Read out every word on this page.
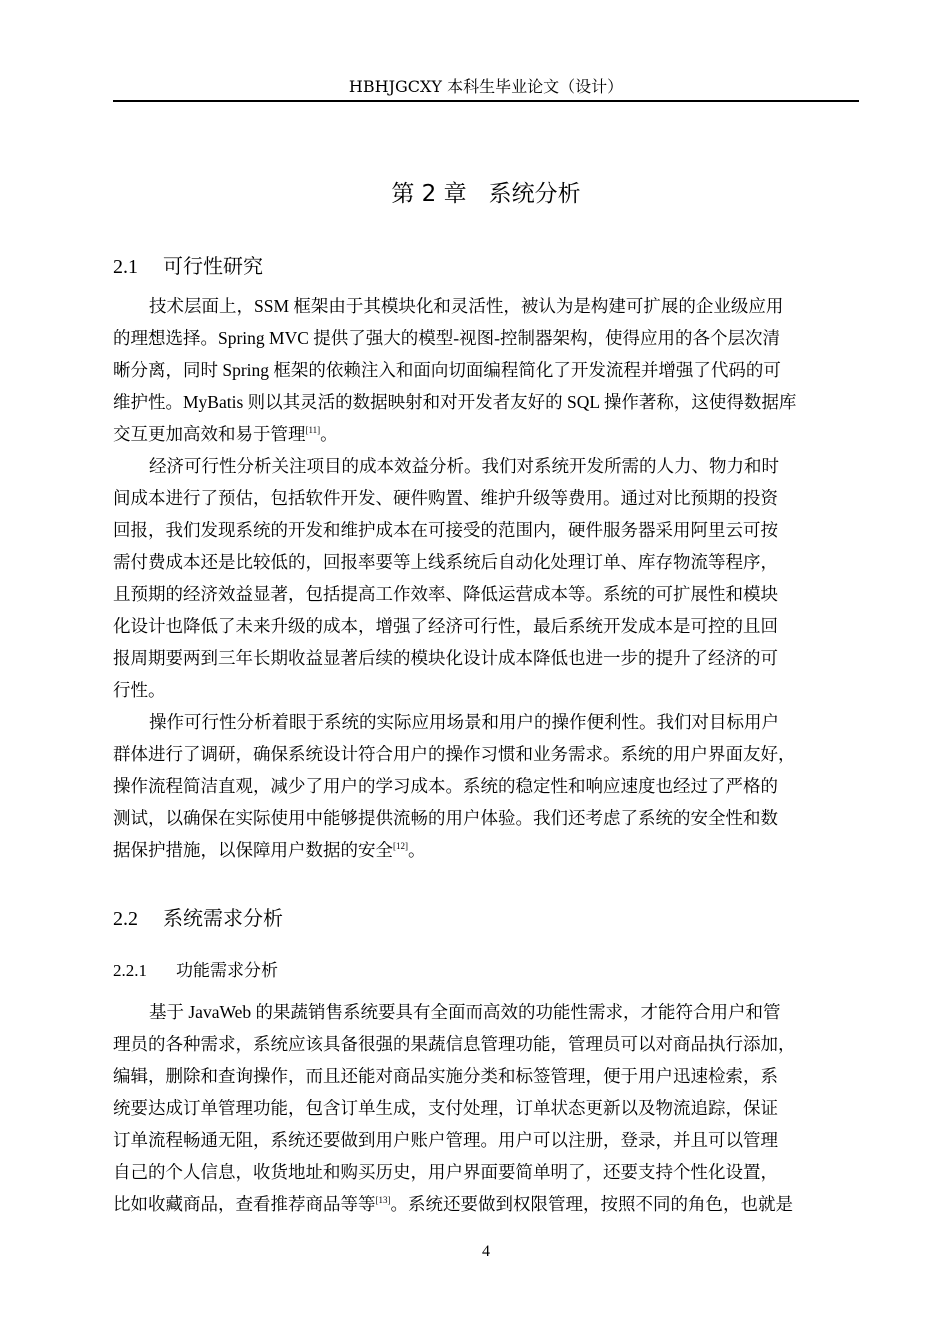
HBHJGCXY 本科生毕业论文（设计）
第 2 章 系统分析
2.1 可行性研究
技术层面上，SSM 框架由于其模块化和灵活性，被认为是构建可扩展的企业级应用
的理想选择。Spring MVC 提供了强大的模型-视图-控制器架构，使得应用的各个层次清
晰分离，同时 Spring 框架的依赖注入和面向切面编程简化了开发流程并增强了代码的可
维护性。MyBatis 则以其灵活的数据映射和对开发者友好的 SQL 操作著称，这使得数据库
交互更加高效和易于管理[11]。
经济可行性分析关注项目的成本效益分析。我们对系统开发所需的人力、物力和时
间成本进行了预估，包括软件开发、硬件购置、维护升级等费用。通过对比预期的投资
回报，我们发现系统的开发和维护成本在可接受的范围内，硬件服务器采用阿里云可按
需付费成本还是比较低的，回报率要等上线系统后自动化处理订单、库存物流等程序，
且预期的经济效益显著，包括提高工作效率、降低运营成本等。系统的可扩展性和模块
化设计也降低了未来升级的成本，增强了经济可行性，最后系统开发成本是可控的且回
报周期要两到三年长期收益显著后续的模块化设计成本降低也进一步的提升了经济的可
行性。
操作可行性分析着眼于系统的实际应用场景和用户的操作便利性。我们对目标用户
群体进行了调研，确保系统设计符合用户的操作习惯和业务需求。系统的用户界面友好，
操作流程简洁直观，减少了用户的学习成本。系统的稳定性和响应速度也经过了严格的
测试，以确保在实际使用中能够提供流畅的用户体验。我们还考虑了系统的安全性和数
据保护措施，以保障用户数据的安全[12]。
2.2 系统需求分析
2.2.1 功能需求分析
基于 JavaWeb 的果蔬销售系统要具有全面而高效的功能性需求，才能符合用户和管
理员的各种需求，系统应该具备很强的果蔬信息管理功能，管理员可以对商品执行添加，
编辑，删除和查询操作，而且还能对商品实施分类和标签管理，便于用户迅速检索，系
统要达成订单管理功能，包含订单生成，支付处理，订单状态更新以及物流追踪，保证
订单流程畅通无阻，系统还要做到用户账户管理。用户可以注册，登录，并且可以管理
自己的个人信息，收货地址和购买历史，用户界面要简单明了，还要支持个性化设置，
比如收藏商品，查看推荐商品等等[13]。系统还要做到权限管理，按照不同的角色，也就是
4
